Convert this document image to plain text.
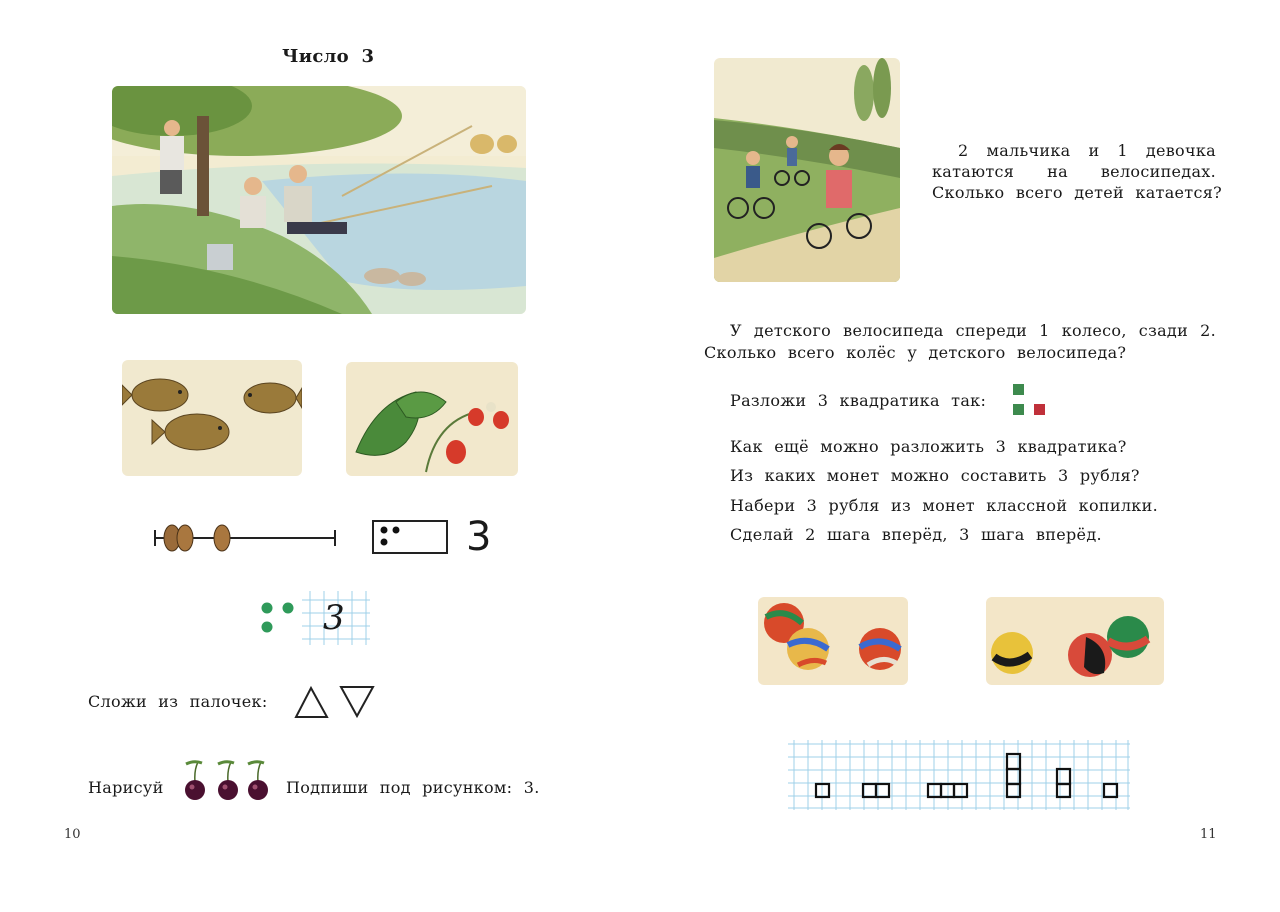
Число 3
3
3
Сложи из палочек:
Нарисуй	Подпиши под рисунком: 3.
10
2 мальчика и 1 девочка
катаются на велосипедах.
Сколько всего детей катается?
У детского велосипеда спереди 1 колесо, сзади 2.
Сколько всего колёс у детского велосипеда?
Разложи 3 квадратика так:
Как ещё можно разложить 3 квадратика?
Из каких монет можно составить 3 рубля?
Набери 3 рубля из монет классной копилки.
Сделай 2 шага вперёд, 3 шага вперёд.
11
